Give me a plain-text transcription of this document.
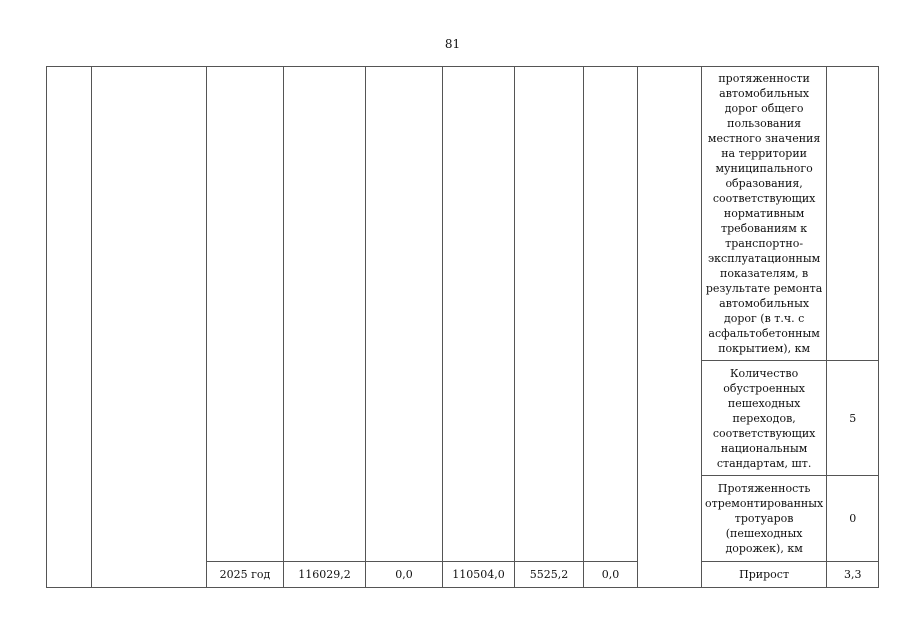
81

									протяженности автомобильных дорог общего пользования местного значения на территории муниципального образования, соответствующих нормативным требованиям к транспортно-эксплуатационным показателям, в результате ремонта автомобильных дорог (в т.ч. с асфальтобетонным покрытием), км	

									Количество обустроенных пешеходных переходов, соответствующих национальным стандартам, шт.	5

									Протяженность отремонтированных тротуаров (пешеходных дорожек), км	0
		2025 год	116029,2	0,0	110504,0	5525,2	0,0		Прирост	3,3
